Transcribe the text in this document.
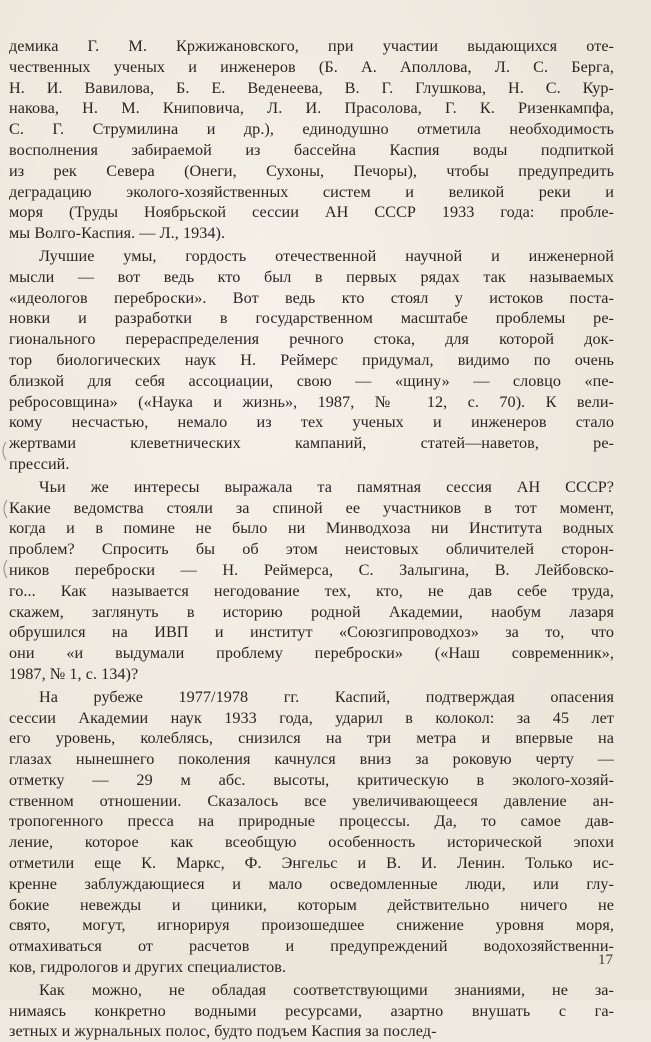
демика Г. М. Кржижановского, при участии выдающихся оте-
чественных ученых и инженеров (Б. А. Аполлова, Л. С. Берга,
Н. И. Вавилова, Б. Е. Веденеева, В. Г. Глушкова, Н. С. Кур-
накова, Н. М. Книповича, Л. И. Прасолова, Г. К. Ризенкампфа,
С. Г. Струмилина и др.), единодушно отметила необходимость
восполнения забираемой из бассейна Каспия воды подпиткой
из рек Севера (Онеги, Сухоны, Печоры), чтобы предупредить
деградацию эколого-хозяйственных систем и великой реки и
моря (Труды Ноябрьской сессии АН СССР 1933 года: пробле-
мы Волго-Каспия. — Л., 1934).
Лучшие умы, гордость отечественной научной и инженерной
мысли — вот ведь кто был в первых рядах так называемых
«идеологов переброски». Вот ведь кто стоял у истоков поста-
новки и разработки в государственном масштабе проблемы ре-
гионального перераспределения речного стока, для которой док-
тор биологических наук Н. Реймерс придумал, видимо по очень
близкой для себя ассоциации, свою — «щину» — словцо «пе-
ребросовщина» («Наука и жизнь», 1987, № 12, с. 70). К вели-
кому несчастью, немало из тех ученых и инженеров стало
жертвами клеветнических кампаний, статей—наветов, ре-
прессий.
Чьи же интересы выражала та памятная сессия АН СССР?
Какие ведомства стояли за спиной ее участников в тот момент,
когда и в помине не было ни Минводхоза ни Института водных
проблем? Спросить бы об этом неистовых обличителей сторон-
ников переброски — Н. Реймерса, С. Залыгина, В. Лейбовско-
го... Как называется негодование тех, кто, не дав себе труда,
скажем, заглянуть в историю родной Академии, наобум лазаря
обрушился на ИВП и институт «Союзгипроводхоз» за то, что
они «и выдумали проблему переброски» («Наш современник»,
1987, № 1, с. 134)?
На рубеже 1977/1978 гг. Каспий, подтверждая опасения
сессии Академии наук 1933 года, ударил в колокол: за 45 лет
его уровень, колеблясь, снизился на три метра и впервые на
глазах нынешнего поколения качнулся вниз за роковую черту —
отметку — 29 м абс. высоты, критическую в эколого-хозяй-
ственном отношении. Сказалось все увеличивающееся давление ан-
тропогенного пресса на природные процессы. Да, то самое дав-
ление, которое как всеобщую особенность исторической эпохи
отметили еще К. Маркс, Ф. Энгельс и В. И. Ленин. Только ис-
кренне заблуждающиеся и мало осведомленные люди, или глу-
бокие невежды и циники, которым действительно ничего не
свято, могут, игнорируя произошедшее снижение уровня моря,
отмахиваться от расчетов и предупреждений водохозяйственни-
ков, гидрологов и других специалистов.
Как можно, не обладая соответствующими знаниями, не за-
нимаясь конкретно водными ресурсами, азартно внушать с га-
зетных и журнальных полос, будто подъем Каспия за послед-
17
